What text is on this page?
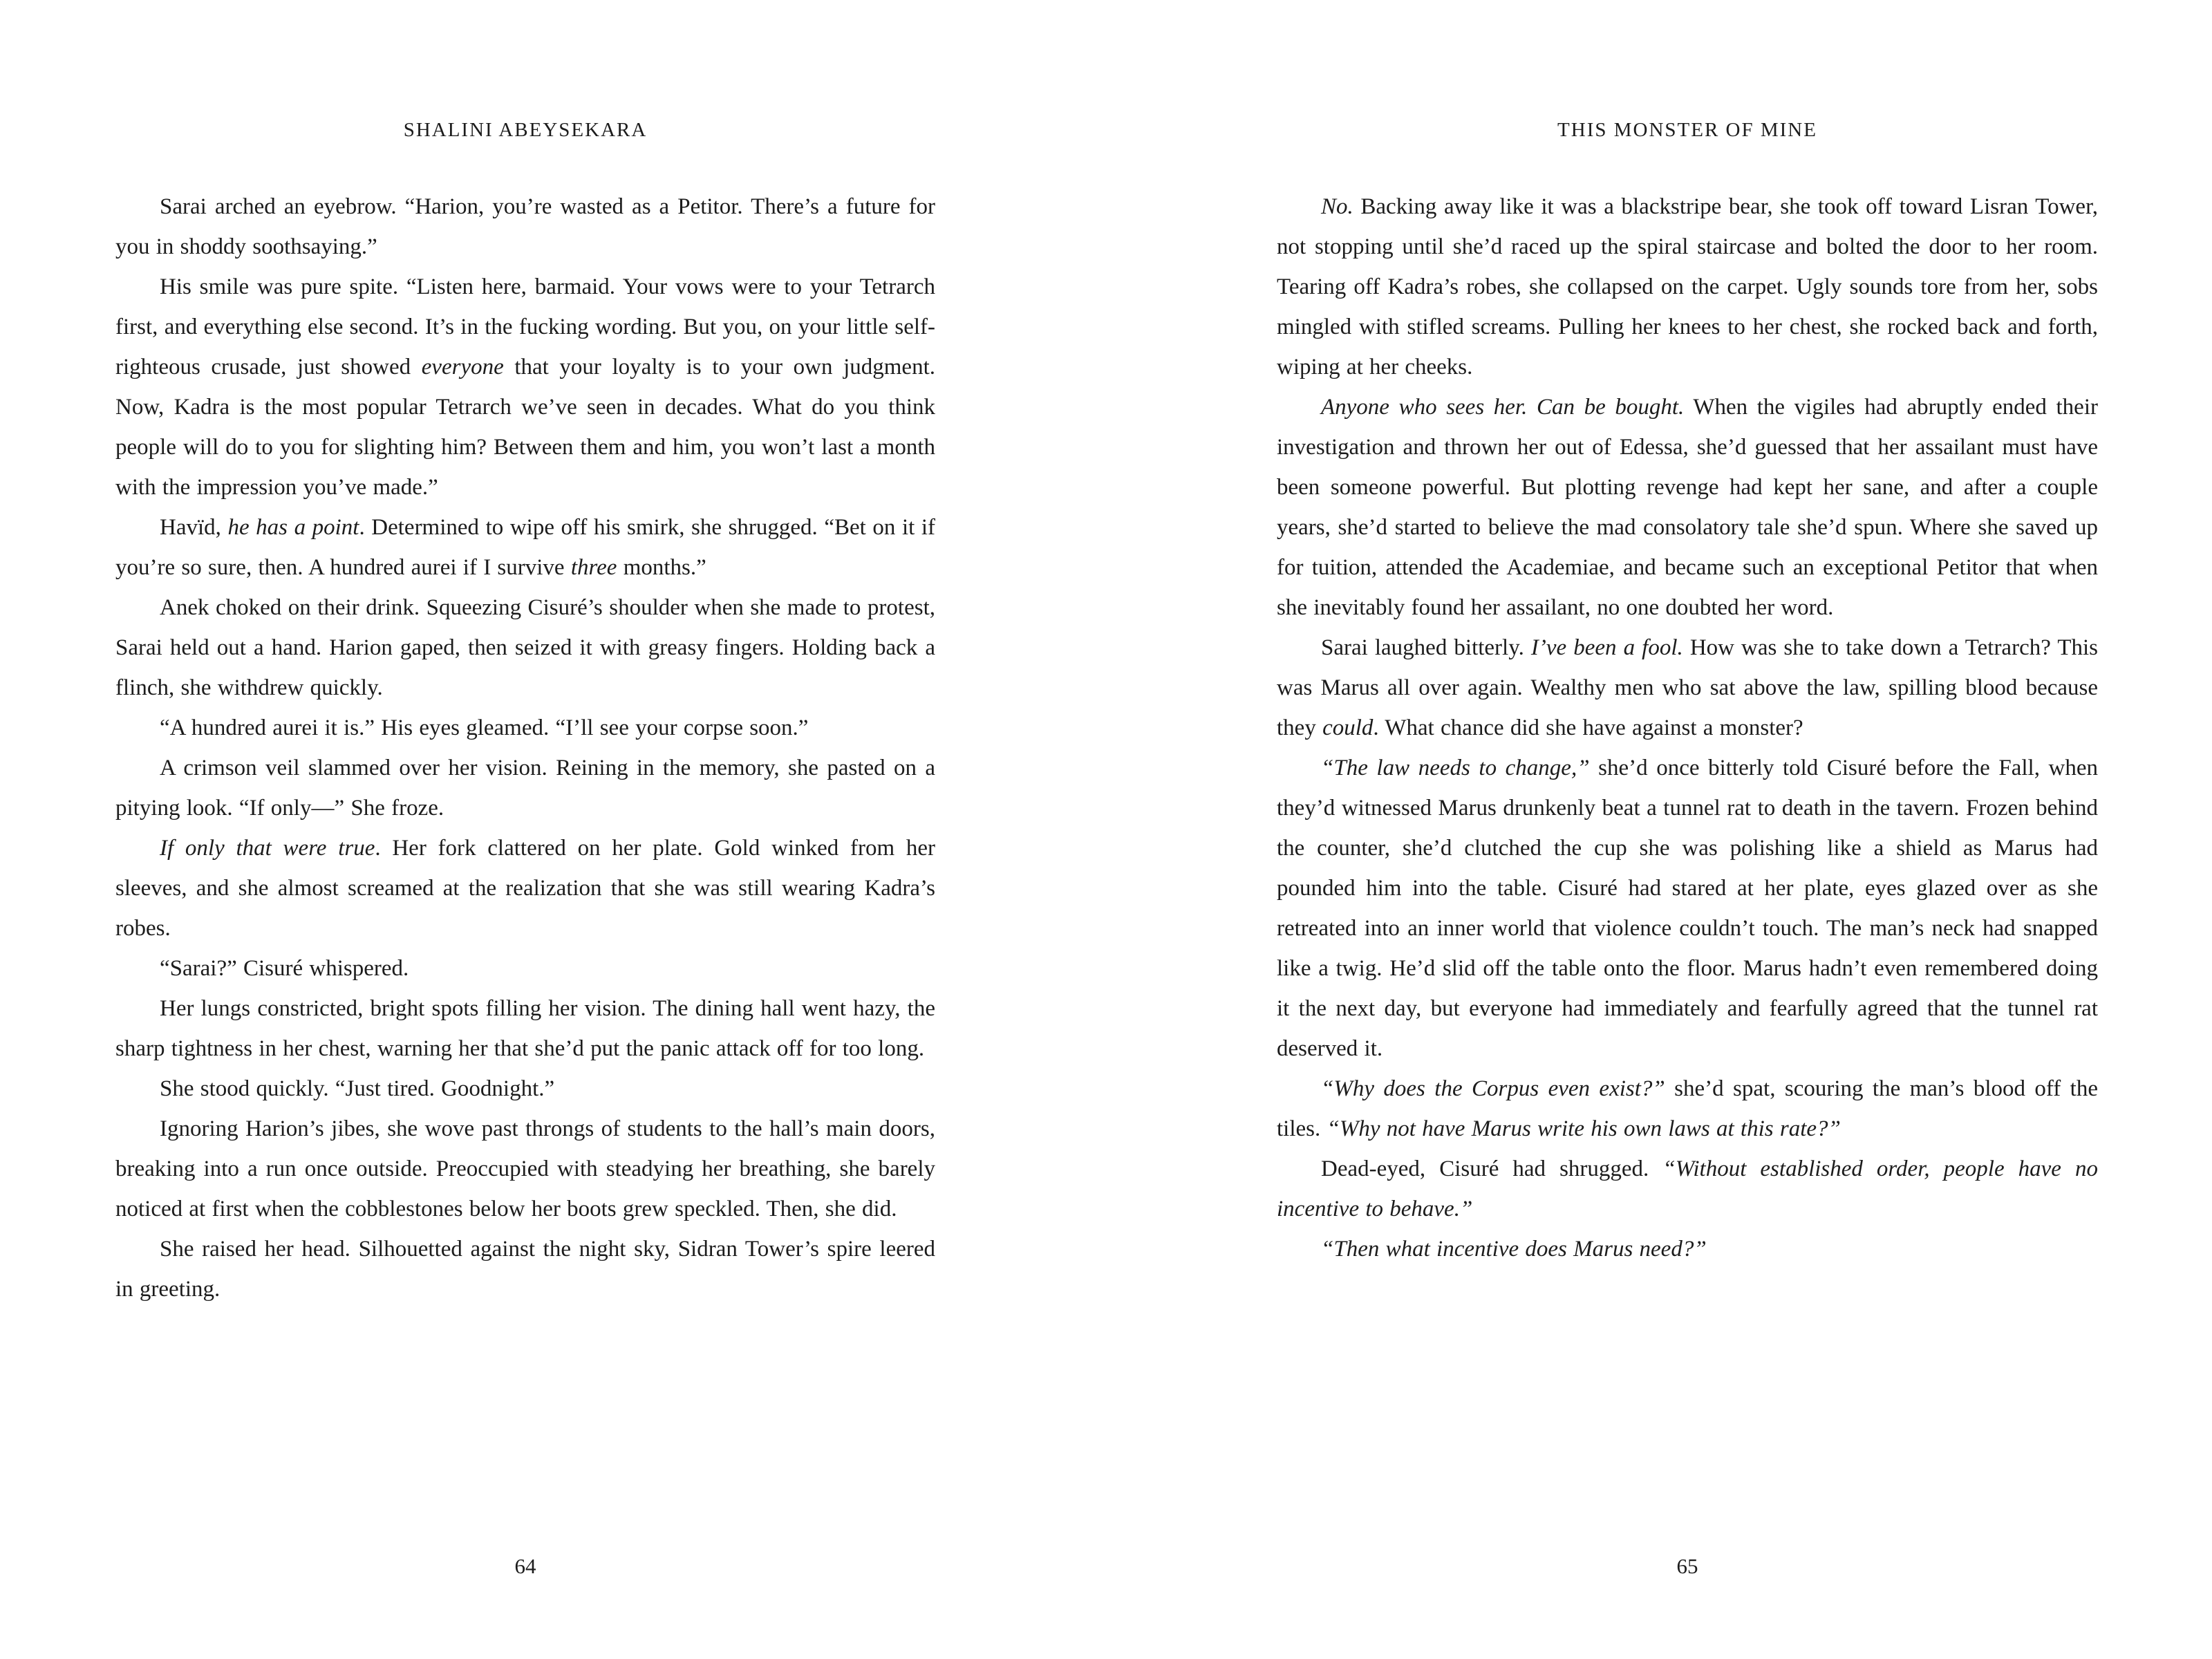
SHALINI ABEYSEKARA

Sarai arched an eyebrow. “Harion, you’re wasted as a Petitor. There’s a future for you in shoddy soothsaying.”

His smile was pure spite. “Listen here, barmaid. Your vows were to your Tetrarch first, and everything else second. It’s in the fucking wording. But you, on your little self-righteous crusade, just showed everyone that your loyalty is to your own judgment. Now, Kadra is the most popular Tetrarch we’ve seen in decades. What do you think people will do to you for slighting him? Between them and him, you won’t last a month with the impression you’ve made.”

Havïd, he has a point. Determined to wipe off his smirk, she shrugged. “Bet on it if you’re so sure, then. A hundred aurei if I survive three months.”

Anek choked on their drink. Squeezing Cisuré’s shoulder when she made to protest, Sarai held out a hand. Harion gaped, then seized it with greasy fingers. Holding back a flinch, she withdrew quickly.

“A hundred aurei it is.” His eyes gleamed. “I’ll see your corpse soon.”

A crimson veil slammed over her vision. Reining in the memory, she pasted on a pitying look. “If only—” She froze.

If only that were true. Her fork clattered on her plate. Gold winked from her sleeves, and she almost screamed at the realization that she was still wearing Kadra’s robes.

“Sarai?” Cisuré whispered.

Her lungs constricted, bright spots filling her vision. The dining hall went hazy, the sharp tightness in her chest, warning her that she’d put the panic attack off for too long.

She stood quickly. “Just tired. Goodnight.”

Ignoring Harion’s jibes, she wove past throngs of students to the hall’s main doors, breaking into a run once outside. Preoccupied with steadying her breathing, she barely noticed at first when the cobblestones below her boots grew speckled. Then, she did.

She raised her head. Silhouetted against the night sky, Sidran Tower’s spire leered in greeting.

64
THIS MONSTER OF MINE

No. Backing away like it was a blackstripe bear, she took off toward Lisran Tower, not stopping until she’d raced up the spiral staircase and bolted the door to her room. Tearing off Kadra’s robes, she collapsed on the carpet. Ugly sounds tore from her, sobs mingled with stifled screams. Pulling her knees to her chest, she rocked back and forth, wiping at her cheeks.

Anyone who sees her. Can be bought. When the vigiles had abruptly ended their investigation and thrown her out of Edessa, she’d guessed that her assailant must have been someone powerful. But plotting revenge had kept her sane, and after a couple years, she’d started to believe the mad consolatory tale she’d spun. Where she saved up for tuition, attended the Academiae, and became such an exceptional Petitor that when she inevitably found her assailant, no one doubted her word.

Sarai laughed bitterly. I’ve been a fool. How was she to take down a Tetrarch? This was Marus all over again. Wealthy men who sat above the law, spilling blood because they could. What chance did she have against a monster?

“The law needs to change,” she’d once bitterly told Cisuré before the Fall, when they’d witnessed Marus drunkenly beat a tunnel rat to death in the tavern. Frozen behind the counter, she’d clutched the cup she was polishing like a shield as Marus had pounded him into the table. Cisuré had stared at her plate, eyes glazed over as she retreated into an inner world that violence couldn’t touch. The man’s neck had snapped like a twig. He’d slid off the table onto the floor. Marus hadn’t even remembered doing it the next day, but everyone had immediately and fearfully agreed that the tunnel rat deserved it.

“Why does the Corpus even exist?” she’d spat, scouring the man’s blood off the tiles. “Why not have Marus write his own laws at this rate?”

Dead-eyed, Cisuré had shrugged. “Without established order, people have no incentive to behave.”

“Then what incentive does Marus need?”

65
